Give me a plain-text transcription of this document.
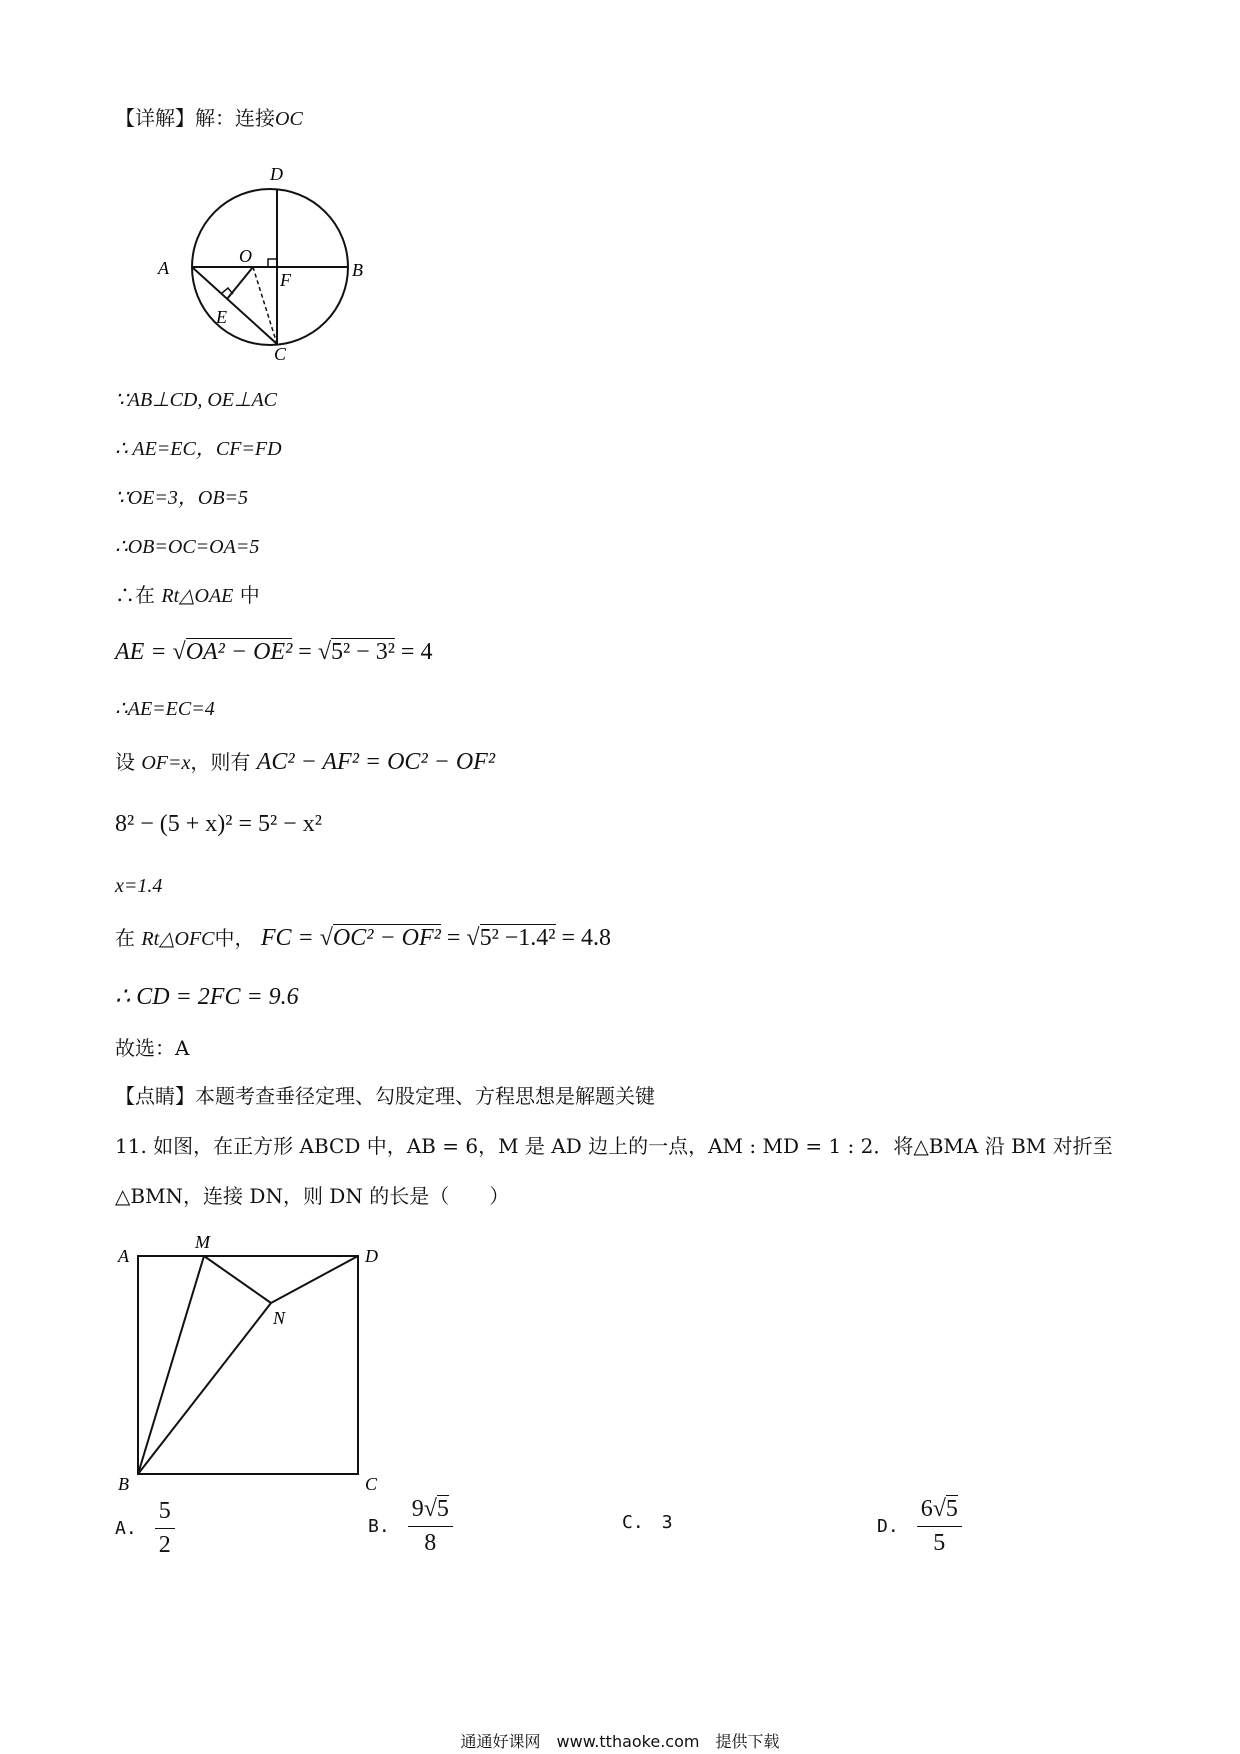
【详解】解：连接OC
A	B
C
D
O
E
F
∵AB⊥CD, OE⊥AC
∴ AE=EC，CF=FD
∵OE=3，OB=5
∴OB=OC=OA=5
∴在 Rt△OAE 中
AE = √OA² − OE² = √5² − 3² = 4
∴AE=EC=4
设 OF=x，则有 AC² − AF² = OC² − OF²
8² − (5 + x)² = 5² − x²
x=1.4
在 Rt△OFC中， FC = √OC² − OF² = √5² −1.4² = 4.8
∴ CD = 2FC = 9.6
故选：A
【点睛】本题考查垂径定理、勾股定理、方程思想是解题关键
11. 如图，在正方形 ABCD 中，AB = 6，M 是 AD 边上的一点，AM : MD = 1 : 2．将△BMA 沿 BM 对折至
△BMN，连接 DN，则 DN 的长是（　　）
A
M
D
N
B	C
A. $\frac{5}{2}$	B. $\frac{9√5}{8}$	C. 3	D. $\frac{6√5}{5}$
通通好课网　www.tthaoke.com　提供下载
